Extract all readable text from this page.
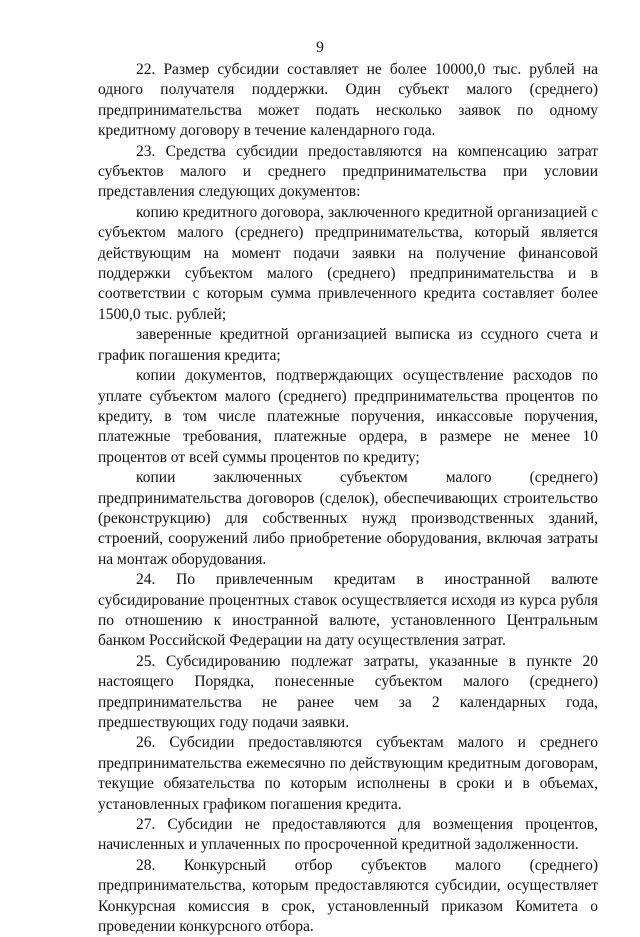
9

22. Размер субсидии составляет не более 10000,0 тыс. рублей на одного получателя поддержки. Один субъект малого (среднего) предпринимательства может подать несколько заявок по одному кредитному договору в течение календарного года.

23. Средства субсидии предоставляются на компенсацию затрат субъектов малого и среднего предпринимательства при условии представления следующих документов:

копию кредитного договора, заключенного кредитной организацией с субъектом малого (среднего) предпринимательства, который является действующим на момент подачи заявки на получение финансовой поддержки субъектом малого (среднего) предпринимательства и в соответствии с которым сумма привлеченного кредита составляет более 1500,0 тыс. рублей;

заверенные кредитной организацией выписка из ссудного счета и график погашения кредита;

копии документов, подтверждающих осуществление расходов по уплате субъектом малого (среднего) предпринимательства процентов по кредиту, в том числе платежные поручения, инкассовые поручения, платежные требования, платежные ордера, в размере не менее 10 процентов от всей суммы процентов по кредиту;

копии заключенных субъектом малого (среднего) предпринимательства договоров (сделок), обеспечивающих строительство (реконструкцию) для собственных нужд производственных зданий, строений, сооружений либо приобретение оборудования, включая затраты на монтаж оборудования.

24. По привлеченным кредитам в иностранной валюте субсидирование процентных ставок осуществляется исходя из курса рубля по отношению к иностранной валюте, установленного Центральным банком Российской Федерации на дату осуществления затрат.

25. Субсидированию подлежат затраты, указанные в пункте 20 настоящего Порядка, понесенные субъектом малого (среднего) предпринимательства не ранее чем за 2 календарных года, предшествующих году подачи заявки.

26. Субсидии предоставляются субъектам малого и среднего предпринимательства ежемесячно по действующим кредитным договорам, текущие обязательства по которым исполнены в сроки и в объемах, установленных графиком погашения кредита.

27. Субсидии не предоставляются для возмещения процентов, начисленных и уплаченных по просроченной кредитной задолженности.

28. Конкурсный отбор субъектов малого (среднего) предпринимательства, которым предоставляются субсидии, осуществляет Конкурсная комиссия в срок, установленный приказом Комитета о проведении конкурсного отбора.
